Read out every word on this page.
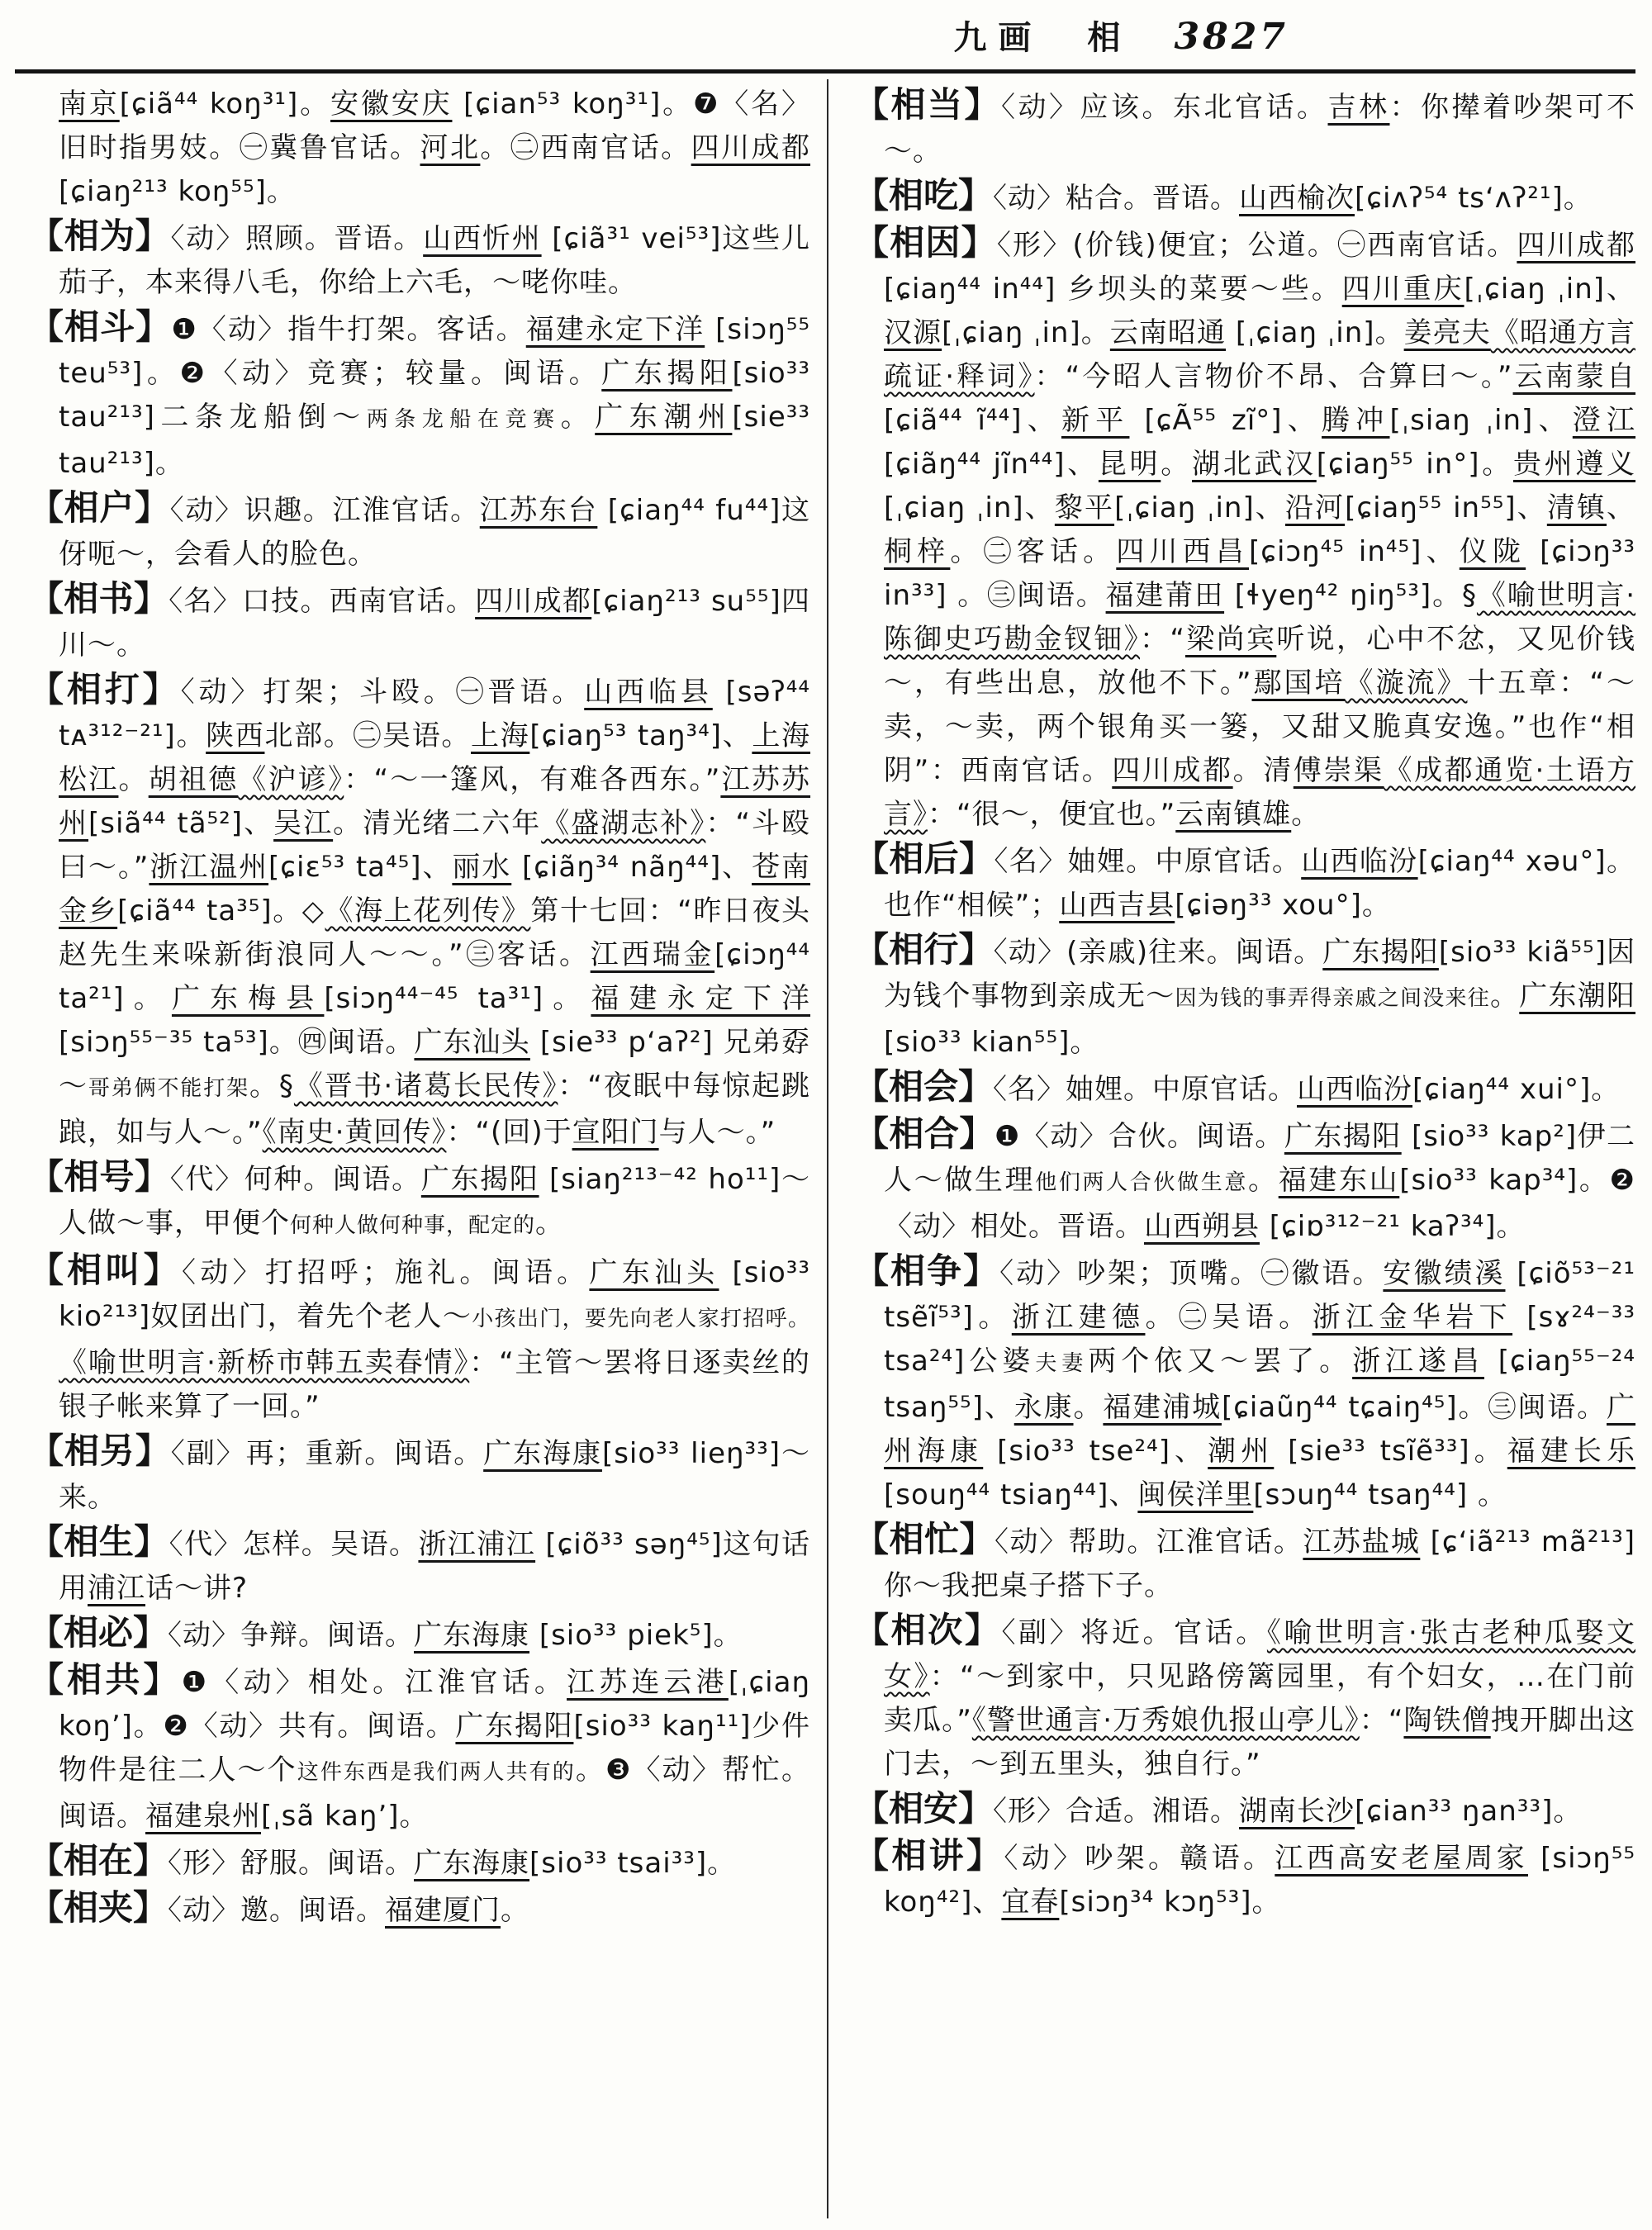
九画　相 3827
南京[ɕiã⁴⁴ koŋ³¹]。安徽安庆 [ɕian⁵³ koŋ³¹]。❼〈名〉旧时指男妓。㊀冀鲁官话。河北。㊁西南官话。四川成都[ɕiaŋ²¹³ koŋ⁵⁵]。
【相为】〈动〉照顾。晋语。山西忻州 [ɕiã³¹ vei⁵³]这些儿茄子，本来得八毛，你给上六毛，～咾你哇。
【相斗】❶〈动〉指牛打架。客话。福建永定下洋 [siɔŋ⁵⁵ teu⁵³]。❷〈动〉竞赛；较量。闽语。广东揭阳[sio³³ tau²¹³]二条龙船倒～两条龙船在竞赛。广东潮州[sie³³ tau²¹³]。
【相户】〈动〉识趣。江淮官话。江苏东台 [ɕiaŋ⁴⁴ fu⁴⁴]这伢呃～，会看人的脸色。
【相书】〈名〉口技。西南官话。四川成都[ɕiaŋ²¹³ su⁵⁵]四川～。
【相打】〈动〉打架；斗殴。㊀晋语。山西临县 [səʔ⁴⁴ tᴀ³¹²⁻²¹]。陕西北部。㊁吴语。上海[ɕiaŋ⁵³ taŋ³⁴]、上海松江。胡祖德《沪谚》：“～一篷风，有难各西东。”江苏苏州[siã⁴⁴ tã⁵²]、吴江。清光绪二六年《盛湖志补》：“斗殴曰～。”浙江温州[ɕiɛ⁵³ ta⁴⁵]、丽水 [ɕiãŋ³⁴ nãŋ⁴⁴]、苍南金乡[ɕiã⁴⁴ ta³⁵]。◇《海上花列传》第十七回：“昨日夜头赵先生来哚新街浪同人～～。”㊂客话。江西瑞金[ɕiɔŋ⁴⁴ ta²¹]。广东梅县[siɔŋ⁴⁴⁻⁴⁵ ta³¹]。福建永定下洋[siɔŋ⁵⁵⁻³⁵ ta⁵³]。㊃闽语。广东汕头 [sie³³ p‘aʔ²] 兄弟孬～哥弟俩不能打架。§《晋书·诸葛长民传》：“夜眠中每惊起跳踉，如与人～。”《南史·黄回传》：“(回)于宣阳门与人～。”
【相号】〈代〉何种。闽语。广东揭阳 [siaŋ²¹³⁻⁴² ho¹¹]～人做～事，甲便个何种人做何种事，配定的。
【相叫】〈动〉打招呼；施礼。闽语。广东汕头 [sio³³ kio²¹³]奴囝出门，着先个老人～小孩出门，要先向老人家打招呼。《喻世明言·新桥市韩五卖春情》：“主管～罢将日逐卖丝的银子帐来算了一回。”
【相另】〈副〉再；重新。闽语。广东海康[sio³³ lieŋ³³]～来。
【相生】〈代〉怎样。吴语。浙江浦江 [ɕiõ³³ səŋ⁴⁵]这句话用浦江话～讲?
【相必】〈动〉争辩。闽语。广东海康 [sio³³ piek⁵]。
【相共】❶〈动〉相处。江淮官话。江苏连云港[ˌɕiaŋ koŋ’]。❷〈动〉共有。闽语。广东揭阳[sio³³ kaŋ¹¹]少件物件是往二人～个这件东西是我们两人共有的。❸〈动〉帮忙。闽语。福建泉州[ˌsã kaŋ’]。
【相在】〈形〉舒服。闽语。广东海康[sio³³ tsai³³]。
【相夹】〈动〉邀。闽语。福建厦门。
【相当】〈动〉应该。东北官话。吉林：你撵着吵架可不～。
【相吃】〈动〉粘合。晋语。山西榆次[ɕiʌʔ⁵⁴ ts‘ʌʔ²¹]。
【相因】〈形〉(价钱)便宜；公道。㊀西南官话。四川成都 [ɕiaŋ⁴⁴ in⁴⁴] 乡坝头的菜要～些。四川重庆[ˌɕiaŋ ˌin]、汉源[ˌɕiaŋ ˌin]。云南昭通 [ˌɕiaŋ ˌin]。姜亮夫《昭通方言疏证·释词》：“今昭人言物价不昂、合算曰～。”云南蒙自[ɕiã⁴⁴ ĩ⁴⁴]、新平 [ɕÃ⁵⁵ zĩ°]、腾冲[ˌsiaŋ ˌin]、澄江[ɕiãŋ⁴⁴ jĩn⁴⁴]、昆明。湖北武汉[ɕiaŋ⁵⁵ in°]。贵州遵义[ˌɕiaŋ ˌin]、黎平[ˌɕiaŋ ˌin]、沿河[ɕiaŋ⁵⁵ in⁵⁵]、清镇、桐梓。㊁客话。四川西昌[ɕiɔŋ⁴⁵ in⁴⁵]、仪陇 [ɕiɔŋ³³ in³³] 。㊂闽语。福建莆田 [ɬyeŋ⁴² ŋiŋ⁵³]。§《喻世明言·陈御史巧勘金钗钿》：“梁尚宾听说，心中不忿，又见价钱～，有些出息，放他不下。”鄢国培《漩流》十五章：“～卖，～卖，两个银角买一篓，又甜又脆真安逸。”也作“相阴”：西南官话。四川成都。清傅崇渠《成都通览·土语方言》：“很～，便宜也。”云南镇雄。
【相后】〈名〉妯娌。中原官话。山西临汾[ɕiaŋ⁴⁴ xəu°]。也作“相候”；山西吉县[ɕiəŋ³³ xou°]。
【相行】〈动〉(亲戚)往来。闽语。广东揭阳[sio³³ kiã⁵⁵]因为钱个事物到亲成无～因为钱的事弄得亲戚之间没来往。广东潮阳[sio³³ kian⁵⁵]。
【相会】〈名〉妯娌。中原官话。山西临汾[ɕiaŋ⁴⁴ xui°]。
【相合】❶〈动〉合伙。闽语。广东揭阳 [sio³³ kap²]伊二人～做生理他们两人合伙做生意。福建东山[sio³³ kap³⁴]。❷〈动〉相处。晋语。山西朔县 [ɕiɒ³¹²⁻²¹ kaʔ³⁴]。
【相争】〈动〉吵架；顶嘴。㊀徽语。安徽绩溪 [ɕiõ⁵³⁻²¹ tsẽĩ⁵³]。浙江建德。㊁吴语。浙江金华岩下 [sɤ²⁴⁻³³ tsa²⁴]公婆夫妻两个依又～罢了。浙江遂昌 [ɕiaŋ⁵⁵⁻²⁴ tsaŋ⁵⁵]、永康。福建浦城[ɕiaũŋ⁴⁴ tɕaiŋ⁴⁵]。㊂闽语。广州海康 [sio³³ tse²⁴]、潮州 [sie³³ tsĩẽ³³]。福建长乐[souŋ⁴⁴ tsiaŋ⁴⁴]、闽侯洋里[sɔuŋ⁴⁴ tsaŋ⁴⁴] 。
【相忙】〈动〉帮助。江淮官话。江苏盐城 [ɕ‘iã²¹³ mã²¹³]你～我把桌子搭下子。
【相次】〈副〉将近。官话。《喻世明言·张古老种瓜娶文女》：“～到家中，只见路傍篱园里，有个妇女，…在门前卖瓜。”《警世通言·万秀娘仇报山亭儿》：“陶铁僧拽开脚出这门去，～到五里头，独自行。”
【相安】〈形〉合适。湘语。湖南长沙[ɕian³³ ŋan³³]。
【相讲】〈动〉吵架。赣语。江西高安老屋周家 [siɔŋ⁵⁵ koŋ⁴²]、宜春[siɔŋ³⁴ kɔŋ⁵³]。
